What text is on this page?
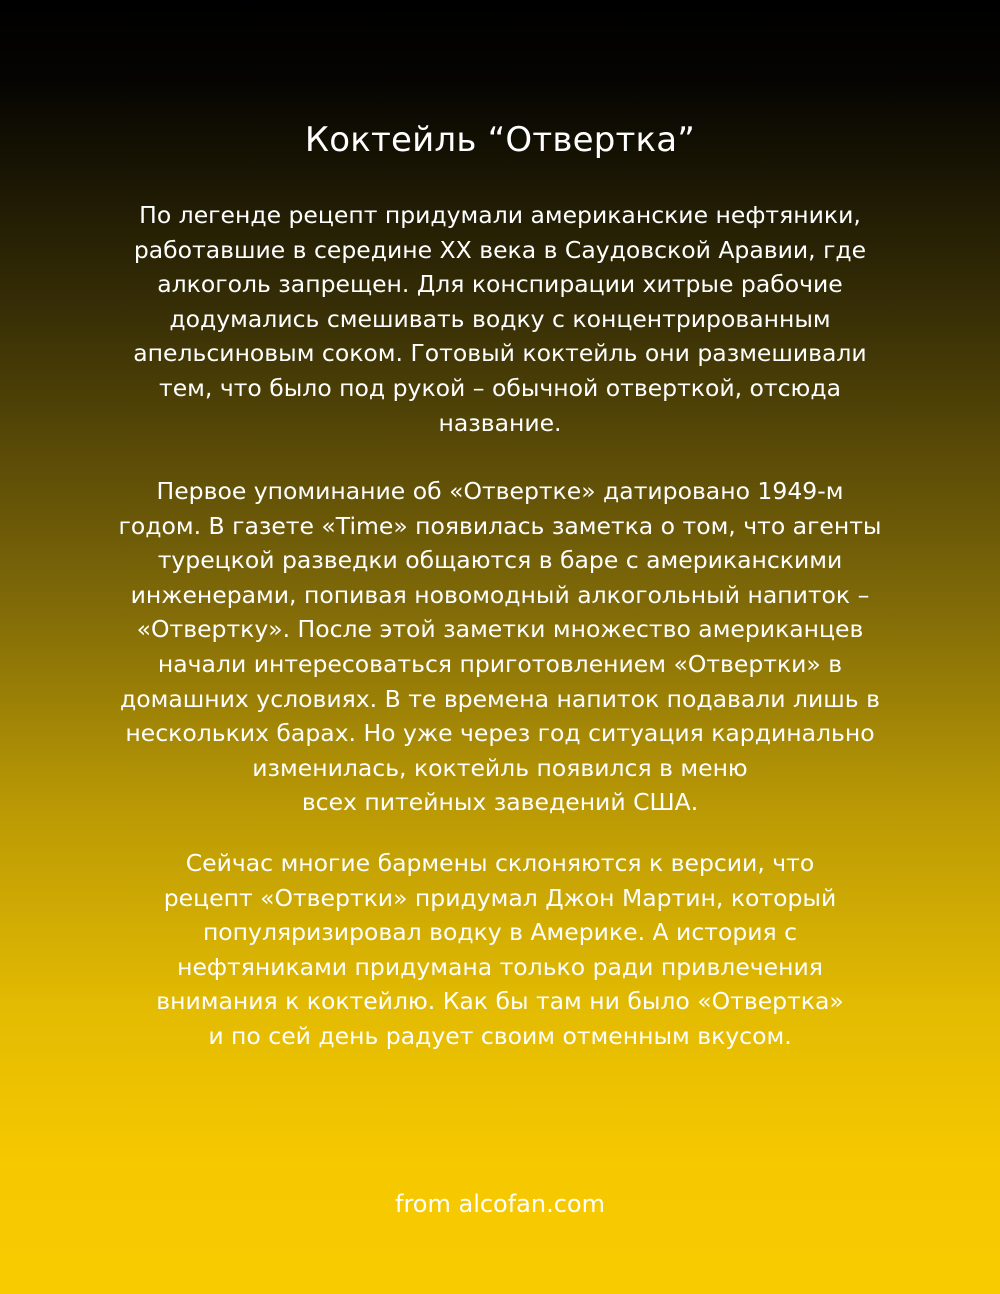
Коктейль “Отвертка”

По легенде рецепт придумали американские нефтяники,
работавшие в середине XX века в Саудовской Аравии, где
алкоголь запрещен. Для конспирации хитрые рабочие
додумались смешивать водку с концентрированным
апельсиновым соком. Готовый коктейль они размешивали
тем, что было под рукой – обычной отверткой, отсюда
название.

Первое упоминание об «Отвертке» датировано 1949-м
годом. В газете «Time» появилась заметка о том, что агенты
турецкой разведки общаются в баре с американскими
инженерами, попивая новомодный алкогольный напиток –
«Отвертку». После этой заметки множество американцев
начали интересоваться приготовлением «Отвертки» в
домашних условиях. В те времена напиток подавали лишь в
нескольких барах. Но уже через год ситуация кардинально
изменилась, коктейль появился в меню
всех питейных заведений США.

Сейчас многие бармены склоняются к версии, что
рецепт «Отвертки» придумал Джон Мартин, который
популяризировал водку в Америке. А история с
нефтяниками придумана только ради привлечения
внимания к коктейлю. Как бы там ни было «Отвертка»
и по сей день радует своим отменным вкусом.

from alcofan.com
